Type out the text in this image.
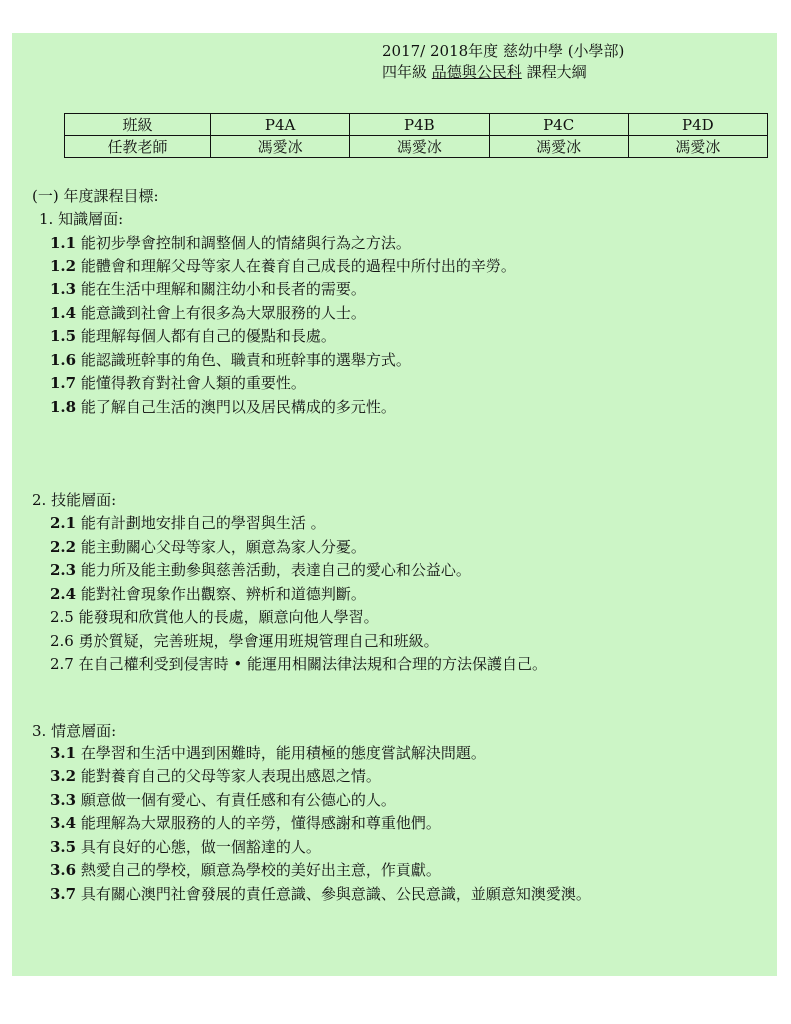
2017/ 2018年度 慈幼中學 (小學部)
四年級 品德與公民科 課程大綱
班級	P4A	P4B	P4C	P4D
任教老師	馮愛冰	馮愛冰	馮愛冰	馮愛冰
(一) 年度課程目標:
1. 知識層面:
1.1 能初步學會控制和調整個人的情緒與行為之方法。
1.2 能體會和理解父母等家人在養育自己成長的過程中所付出的辛勞。
1.3 能在生活中理解和關注幼小和長者的需要。
1.4 能意識到社會上有很多為大眾服務的人士。
1.5 能理解每個人都有自己的優點和長處。
1.6 能認識班幹事的角色、職責和班幹事的選舉方式。
1.7 能懂得教育對社會人類的重要性。
1.8 能了解自己生活的澳門以及居民構成的多元性。
2. 技能層面:
2.1 能有計劃地安排自己的學習與生活 。
2.2 能主動關心父母等家人，願意為家人分憂。
2.3 能力所及能主動參與慈善活動，表達自己的愛心和公益心。
2.4 能對社會現象作出觀察、辨析和道德判斷。
2.5 能發現和欣賞他人的長處，願意向他人學習。
2.6 勇於質疑，完善班規，學會運用班規管理自己和班級。
2.7 在自己權利受到侵害時 • 能運用相關法律法規和合理的方法保護自己。
3. 情意層面:
3.1 在學習和生活中遇到困難時，能用積極的態度嘗試解決問題。
3.2 能對養育自己的父母等家人表現出感恩之情。
3.3 願意做一個有愛心、有責任感和有公德心的人。
3.4 能理解為大眾服務的人的辛勞，懂得感謝和尊重他們。
3.5 具有良好的心態，做一個豁達的人。
3.6 熱愛自己的學校，願意為學校的美好出主意，作貢獻。
3.7 具有關心澳門社會發展的責任意識、參與意識、公民意識，並願意知澳愛澳。
